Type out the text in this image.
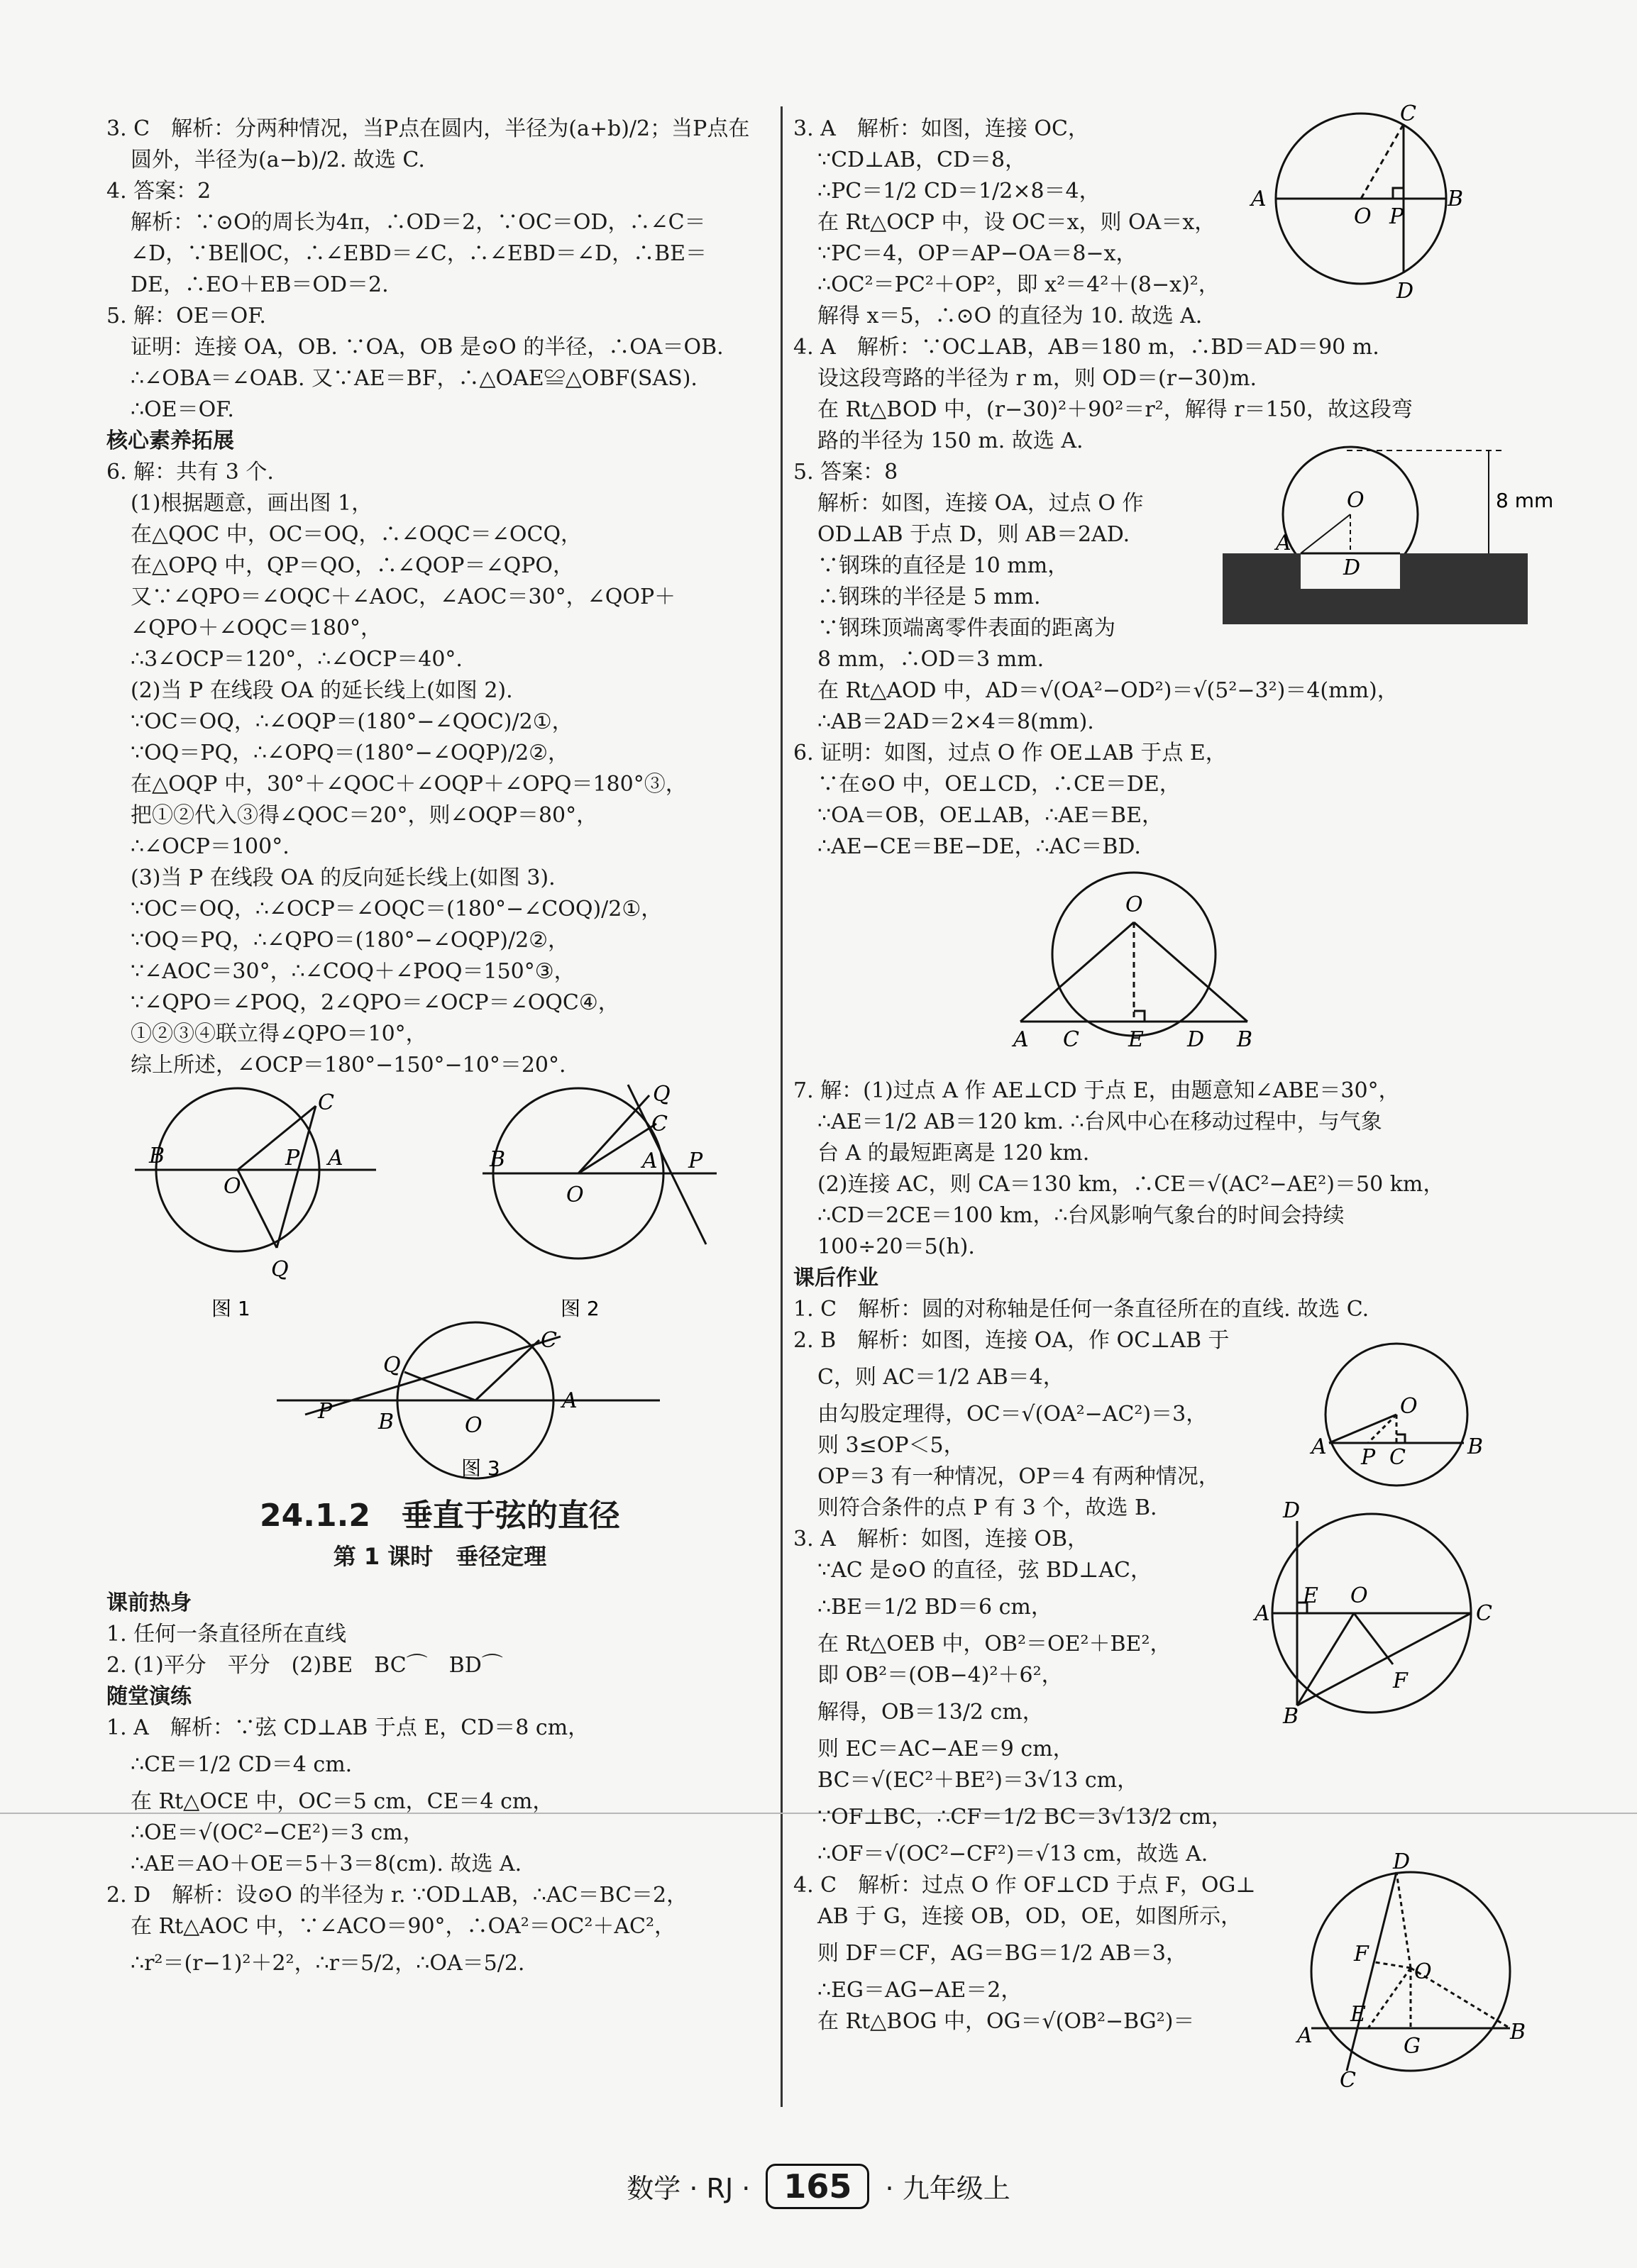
3. C　解析：分两种情况，当P点在圆内，半径为(a+b)/2；当P点在
圆外，半径为(a−b)/2. 故选 C.
4. 答案：2
解析：∵⊙O的周长为4π，∴OD＝2，∵OC＝OD，∴∠C＝
∠D，∵BE∥OC，∴∠EBD＝∠C，∴∠EBD＝∠D，∴BE＝
DE，∴EO＋EB＝OD＝2.
5. 解：OE＝OF.
证明：连接 OA，OB. ∵OA，OB 是⊙O 的半径，∴OA＝OB.
∴∠OBA＝∠OAB. 又∵AE＝BF，∴△OAE≌△OBF(SAS).
∴OE＝OF.
核心素养拓展
6. 解：共有 3 个.
(1)根据题意，画出图 1，
在△QOC 中，OC＝OQ，∴∠OQC＝∠OCQ，
在△OPQ 中，QP＝QO，∴∠QOP＝∠QPO，
又∵∠QPO＝∠OQC＋∠AOC，∠AOC＝30°，∠QOP＋
∠QPO＋∠OQC＝180°，
∴3∠OCP＝120°，∴∠OCP＝40°.
(2)当 P 在线段 OA 的延长线上(如图 2).
∵OC＝OQ，∴∠OQP＝(180°−∠QOC)/2①，
∵OQ＝PQ，∴∠OPQ＝(180°−∠OQP)/2②，
在△OQP 中，30°＋∠QOC＋∠OQP＋∠OPQ＝180°③，
把①②代入③得∠QOC＝20°，则∠OQP＝80°，
∴∠OCP＝100°.
(3)当 P 在线段 OA 的反向延长线上(如图 3).
∵OC＝OQ，∴∠OCP＝∠OQC＝(180°−∠COQ)/2①，
∵OQ＝PQ，∴∠QPO＝(180°−∠OQP)/2②，
∵∠AOC＝30°，∴∠COQ＋∠POQ＝150°③，
∵∠QPO＝∠POQ，2∠QPO＝∠OCP＝∠OQC④，
①②③④联立得∠QPO＝10°，
综上所述，∠OCP＝180°−150°−10°＝20°.
B
O
P A
C
Q
图 1
B
O
A P
Q
C
图 2
P
Q
B	O
C
A
图 3
24.1.2　垂直于弦的直径
第 1 课时　垂径定理
课前热身
1. 任何一条直径所在直线
2. (1)平分　平分　(2)BE　BC⌒　BD⌒
随堂演练
1. A　解析：∵弦 CD⊥AB 于点 E，CD＝8 cm，
∴CE＝1/2 CD＝4 cm.
在 Rt△OCE 中，OC＝5 cm，CE＝4 cm，
∴OE＝√(OC²−CE²)＝3 cm，
∴AE＝AO＋OE＝5＋3＝8(cm). 故选 A.
2. D　解析：设⊙O 的半径为 r. ∵OD⊥AB，∴AC＝BC＝2，
在 Rt△AOC 中，∵∠ACO＝90°，∴OA²＝OC²＋AC²，
∴r²＝(r−1)²＋2²，∴r＝5/2，∴OA＝5/2.
3. A　解析：如图，连接 OC，
∵CD⊥AB，CD＝8，
∴PC＝1/2 CD＝1/2×8＝4，
在 Rt△OCP 中，设 OC＝x，则 OA＝x，
∵PC＝4，OP＝AP−OA＝8−x，
∴OC²＝PC²＋OP²，即 x²＝4²＋(8−x)²，
解得 x＝5，∴⊙O 的直径为 10. 故选 A.
4. A　解析：∵OC⊥AB，AB＝180 m，∴BD＝AD＝90 m.
设这段弯路的半径为 r m，则 OD＝(r−30)m.
在 Rt△BOD 中，(r−30)²＋90²＝r²，解得 r＝150，故这段弯
路的半径为 150 m. 故选 A.
5. 答案：8
解析：如图，连接 OA，过点 O 作
OD⊥AB 于点 D，则 AB＝2AD.
∵钢珠的直径是 10 mm，
∴钢珠的半径是 5 mm.
∵钢珠顶端离零件表面的距离为
8 mm，∴OD＝3 mm.
在 Rt△AOD 中，AD＝√(OA²−OD²)＝√(5²−3²)＝4(mm)，
∴AB＝2AD＝2×4＝8(mm).
6. 证明：如图，过点 O 作 OE⊥AB 于点 E，
∵在⊙O 中，OE⊥CD，∴CE＝DE，
∵OA＝OB，OE⊥AB，∴AE＝BE，
∴AE−CE＝BE−DE，∴AC＝BD.
A	B
O P
C
D
O
A
D
8 mm
O
A C E D B
7. 解：(1)过点 A 作 AE⊥CD 于点 E，由题意知∠ABE＝30°，
∴AE＝1/2 AB＝120 km. ∴台风中心在移动过程中，与气象
台 A 的最短距离是 120 km.
(2)连接 AC，则 CA＝130 km，∴CE＝√(AC²−AE²)＝50 km，
∴CD＝2CE＝100 km，∴台风影响气象台的时间会持续
100÷20＝5(h).
课后作业
1. C　解析：圆的对称轴是任何一条直径所在的直线. 故选 C.
2. B　解析：如图，连接 OA，作 OC⊥AB 于
C，则 AC＝1/2 AB＝4，
由勾股定理得，OC＝√(OA²−AC²)＝3，
则 3≤OP＜5，
OP＝3 有一种情况，OP＝4 有两种情况，
则符合条件的点 P 有 3 个，故选 B.
3. A　解析：如图，连接 OB，
∵AC 是⊙O 的直径，弦 BD⊥AC，
∴BE＝1/2 BD＝6 cm，
在 Rt△OEB 中，OB²＝OE²＋BE²，
即 OB²＝(OB−4)²＋6²，
解得，OB＝13/2 cm，
则 EC＝AC−AE＝9 cm，
BC＝√(EC²＋BE²)＝3√13 cm，
∵OF⊥BC，∴CF＝1/2 BC＝3√13/2 cm，
∴OF＝√(OC²−CF²)＝√13 cm，故选 A.
4. C　解析：过点 O 作 OF⊥CD 于点 F，OG⊥
AB 于 G，连接 OB，OD，OE，如图所示，
则 DF＝CF，AG＝BG＝1/2 AB＝3，
∴EG＝AG−AE＝2，
在 Rt△BOG 中，OG＝√(OB²−BG²)＝
O
A P C	B
D
A
E O
C
F
B
D
F
O
E
A	G
B
C
数学 · RJ · 165 · 九年级上
